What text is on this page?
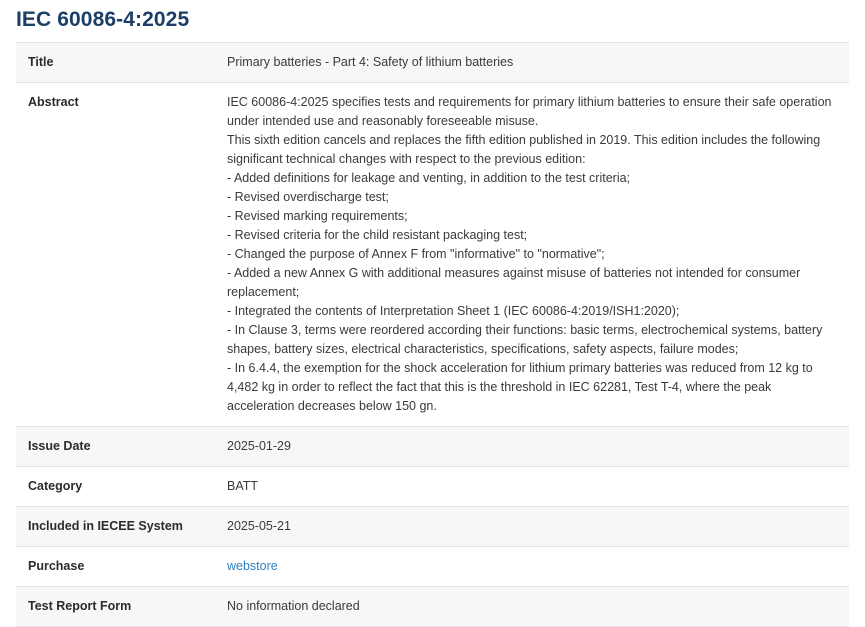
IEC 60086-4:2025
Title	Primary batteries - Part 4: Safety of lithium batteries
Abstract	IEC 60086-4:2025 specifies tests and requirements for primary lithium batteries to ensure their safe operation under intended use and reasonably foreseeable misuse.
This sixth edition cancels and replaces the fifth edition published in 2019. This edition includes the following significant technical changes with respect to the previous edition:
- Added definitions for leakage and venting, in addition to the test criteria;
- Revised overdischarge test;
- Revised marking requirements;
- Revised criteria for the child resistant packaging test;
- Changed the purpose of Annex F from "informative" to "normative";
- Added a new Annex G with additional measures against misuse of batteries not intended for consumer replacement;
- Integrated the contents of Interpretation Sheet 1 (IEC 60086-4:2019/ISH1:2020);
- In Clause 3, terms were reordered according their functions: basic terms, electrochemical systems, battery shapes, battery sizes, electrical characteristics, specifications, safety aspects, failure modes;
- In 6.4.4, the exemption for the shock acceleration for lithium primary batteries was reduced from 12 kg to 4,482 kg in order to reflect the fact that this is the threshold in IEC 62281, Test T-4, where the peak acceleration decreases below 150 gn.

Issue Date	2025-01-29
Category	BATT
Included in IECEE System	2025-05-21
Purchase	webstore
Test Report Form	No information declared
